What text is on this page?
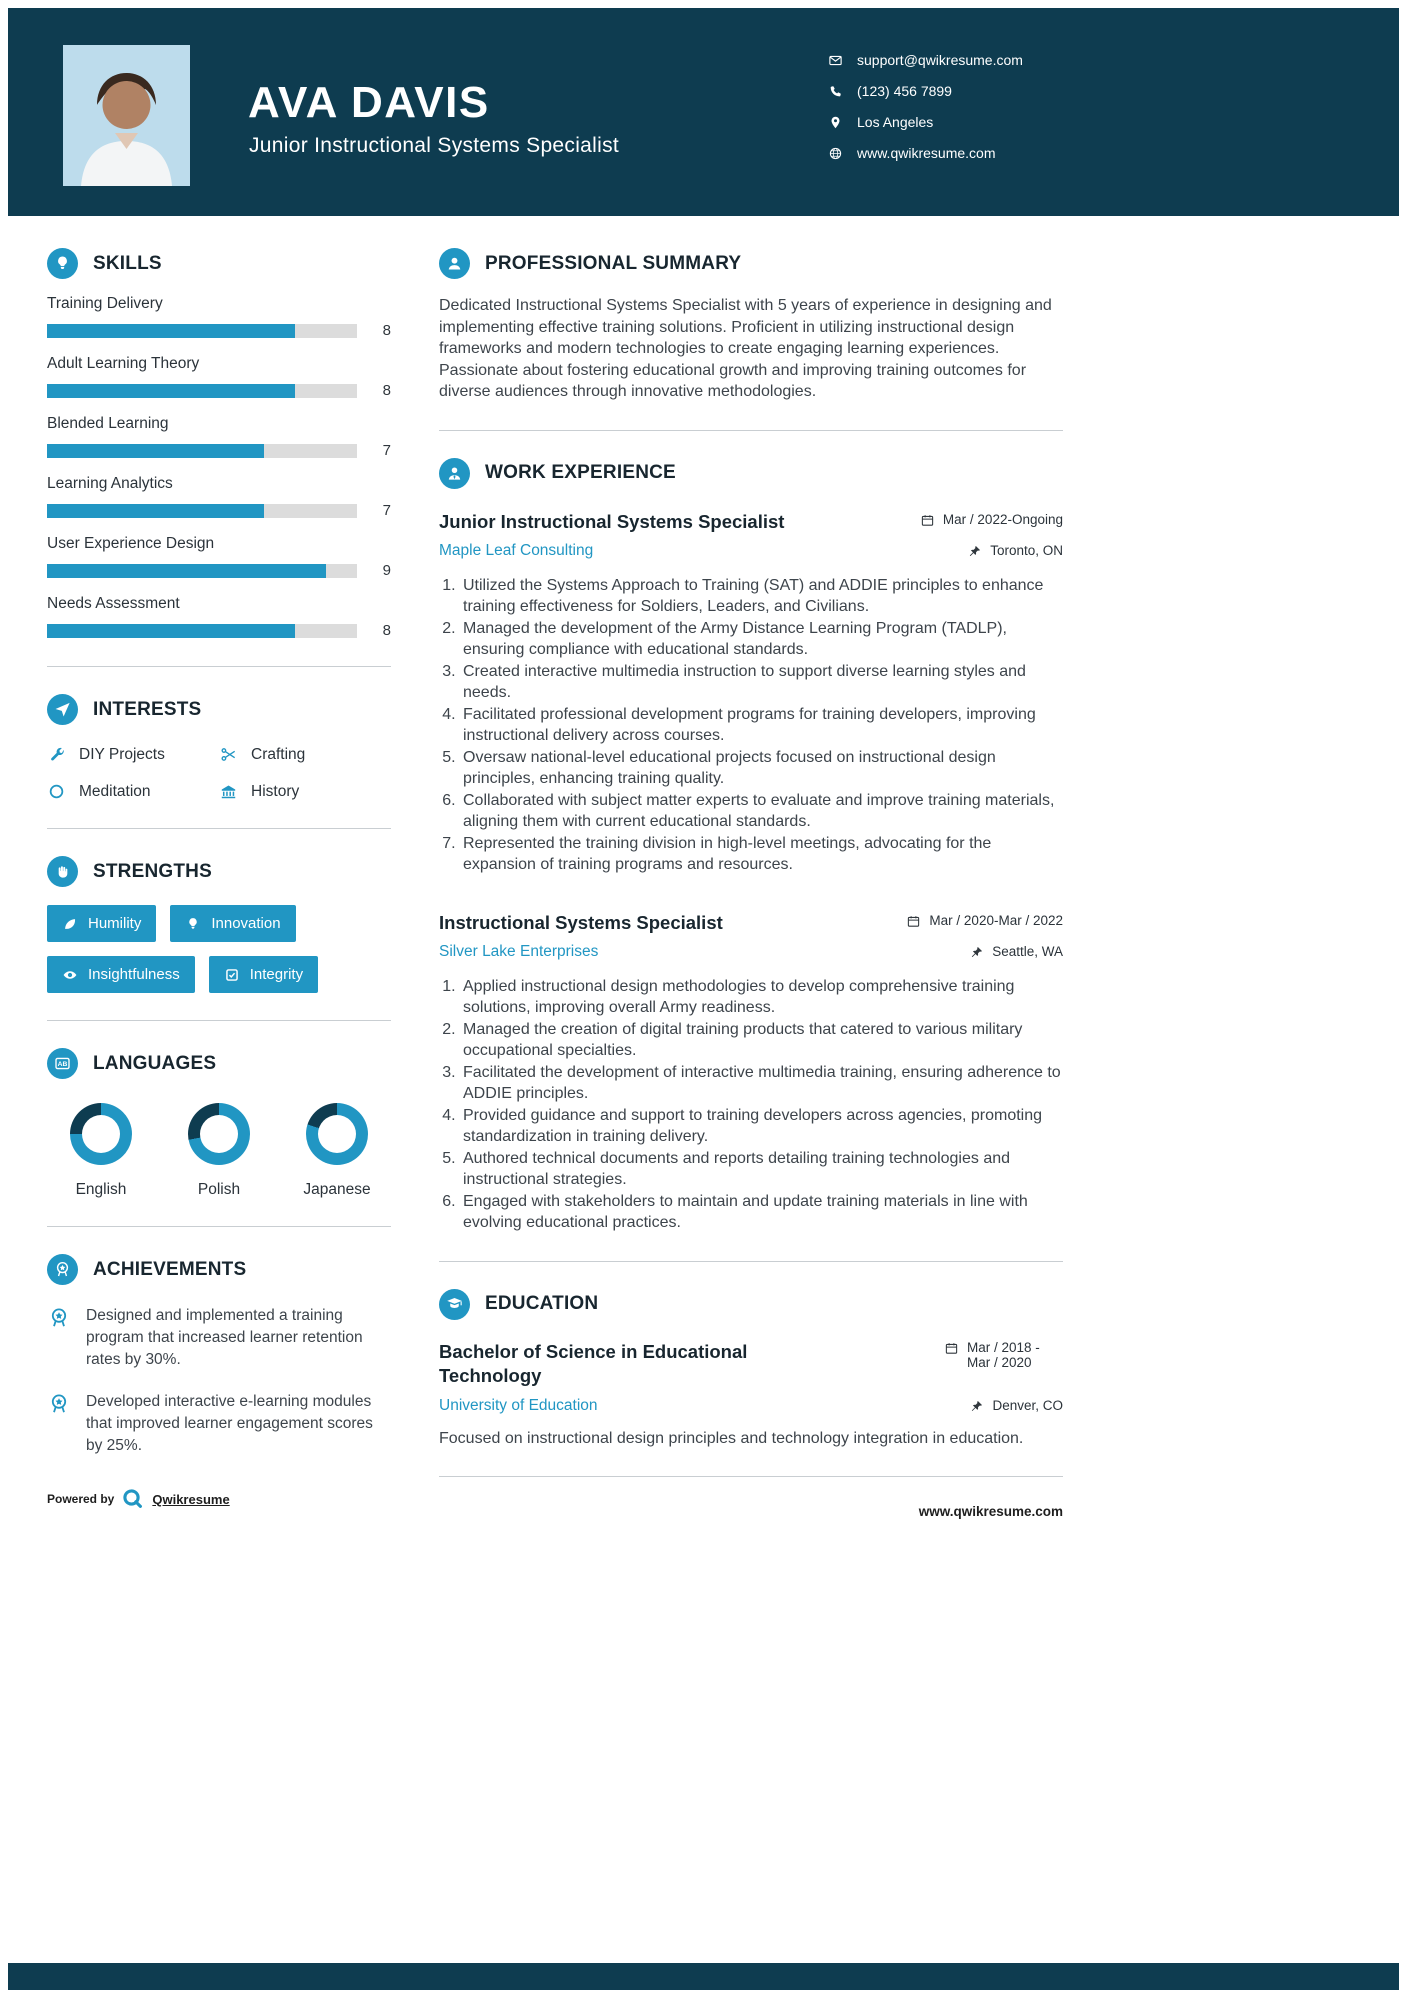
AVA DAVIS
Junior Instructional Systems Specialist
support@qwikresume.com
(123) 456 7899
Los Angeles
www.qwikresume.com
SKILLS
Training Delivery
8
Adult Learning Theory
8
Blended Learning
7
Learning Analytics
7
User Experience Design
9
Needs Assessment
8
INTERESTS
DIY Projects	Crafting
Meditation	History
STRENGTHS
Humility	Innovation
Insightfulness	Integrity
AB LANGUAGES
English	Polish	Japanese
ACHIEVEMENTS
Designed and implemented a training program that increased learner retention rates by 30%.
Developed interactive e-learning modules that improved learner engagement scores by 25%.
Powered by	Qwikresume
PROFESSIONAL SUMMARY

Dedicated Instructional Systems Specialist with 5 years of experience in designing and implementing effective training solutions. Proficient in utilizing instructional design frameworks and modern technologies to create engaging learning experiences. Passionate about fostering educational growth and improving training outcomes for diverse audiences through innovative methodologies.

WORK EXPERIENCE
Junior Instructional Systems Specialist	Mar / 2022-Ongoing
Maple Leaf Consulting	Toronto, ON
1. Utilized the Systems Approach to Training (SAT) and ADDIE principles to enhance training effectiveness for Soldiers, Leaders, and Civilians.
2. Managed the development of the Army Distance Learning Program (TADLP), ensuring compliance with educational standards.
3. Created interactive multimedia instruction to support diverse learning styles and needs.
4. Facilitated professional development programs for training developers, improving instructional delivery across courses.
5. Oversaw national-level educational projects focused on instructional design principles, enhancing training quality.
6. Collaborated with subject matter experts to evaluate and improve training materials, aligning them with current educational standards.
7. Represented the training division in high-level meetings, advocating for the expansion of training programs and resources.
Instructional Systems Specialist	Mar / 2020-Mar / 2022
Silver Lake Enterprises	Seattle, WA
1. Applied instructional design methodologies to develop comprehensive training solutions, improving overall Army readiness.
2. Managed the creation of digital training products that catered to various military occupational specialties.
3. Facilitated the development of interactive multimedia training, ensuring adherence to ADDIE principles.
4. Provided guidance and support to training developers across agencies, promoting standardization in training delivery.
5. Authored technical documents and reports detailing training technologies and instructional strategies.
6. Engaged with stakeholders to maintain and update training materials in line with evolving educational practices.
EDUCATION
Bachelor of Science in Educational Technology
Mar / 2018 - Mar / 2020
University of Education	Denver, CO

Focused on instructional design principles and technology integration in education.

www.qwikresume.com
